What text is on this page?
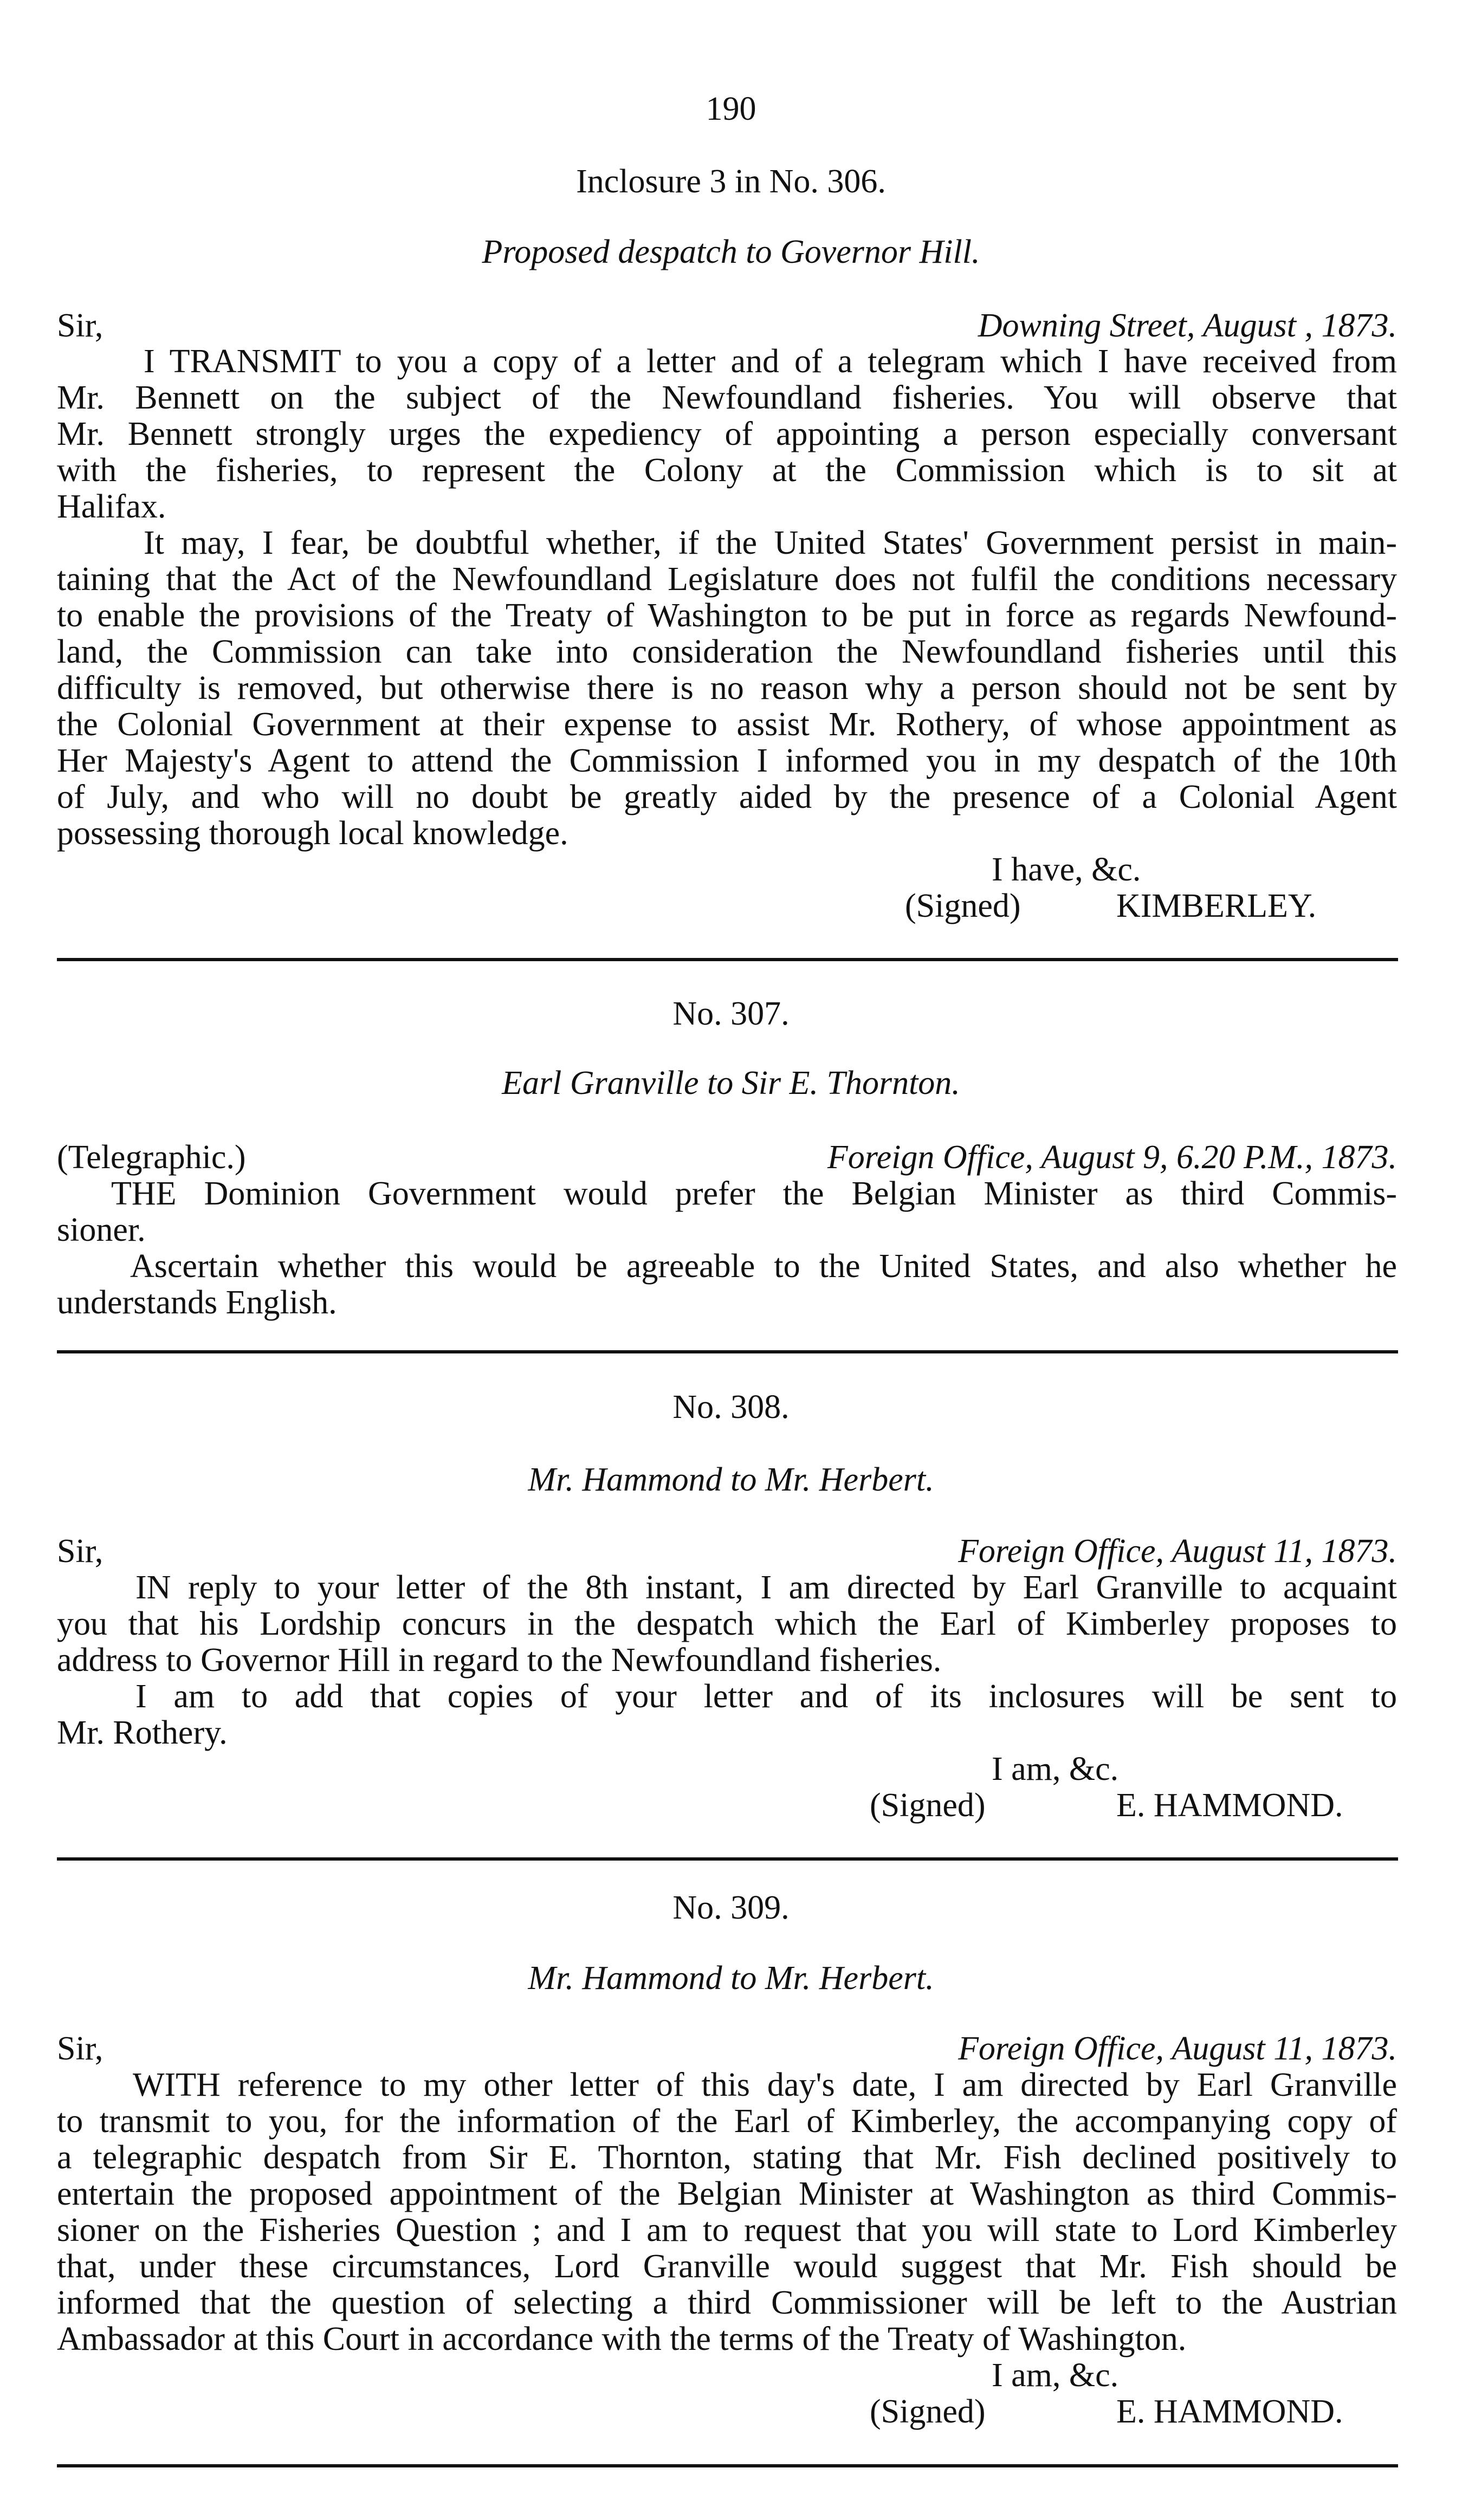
190
Inclosure 3 in No. 306.
Proposed despatch to Governor Hill.
Sir,	Downing Street, August , 1873.
I TRANSMIT to you a copy of a letter and of a telegram which I have received from
Mr. Bennett on the subject of the Newfoundland fisheries. You will observe that
Mr. Bennett strongly urges the expediency of appointing a person especially conversant
with the fisheries, to represent the Colony at the Commission which is to sit at
Halifax.
It may, I fear, be doubtful whether, if the United States' Government persist in main-
taining that the Act of the Newfoundland Legislature does not fulfil the conditions necessary
to enable the provisions of the Treaty of Washington to be put in force as regards Newfound-
land, the Commission can take into consideration the Newfoundland fisheries until this
difficulty is removed, but otherwise there is no reason why a person should not be sent by
the Colonial Government at their expense to assist Mr. Rothery, of whose appointment as
Her Majesty's Agent to attend the Commission I informed you in my despatch of the 10th
of July, and who will no doubt be greatly aided by the presence of a Colonial Agent
possessing thorough local knowledge.
I have, &c.
(Signed)	KIMBERLEY.
No. 307.
Earl Granville to Sir E. Thornton.
(Telegraphic.)	Foreign Office, August 9, 6.20 P.M., 1873.
THE Dominion Government would prefer the Belgian Minister as third Commis-
sioner.
Ascertain whether this would be agreeable to the United States, and also whether he
understands English.
No. 308.
Mr. Hammond to Mr. Herbert.
Sir,	Foreign Office, August 11, 1873.
IN reply to your letter of the 8th instant, I am directed by Earl Granville to acquaint
you that his Lordship concurs in the despatch which the Earl of Kimberley proposes to
address to Governor Hill in regard to the Newfoundland fisheries.
I am to add that copies of your letter and of its inclosures will be sent to
Mr. Rothery.
I am, &c.
(Signed)	E. HAMMOND.
No. 309.
Mr. Hammond to Mr. Herbert.
Sir,	Foreign Office, August 11, 1873.
WITH reference to my other letter of this day's date, I am directed by Earl Granville
to transmit to you, for the information of the Earl of Kimberley, the accompanying copy of
a telegraphic despatch from Sir E. Thornton, stating that Mr. Fish declined positively to
entertain the proposed appointment of the Belgian Minister at Washington as third Commis-
sioner on the Fisheries Question ; and I am to request that you will state to Lord Kimberley
that, under these circumstances, Lord Granville would suggest that Mr. Fish should be
informed that the question of selecting a third Commissioner will be left to the Austrian
Ambassador at this Court in accordance with the terms of the Treaty of Washington.
I am, &c.
(Signed)	E. HAMMOND.
